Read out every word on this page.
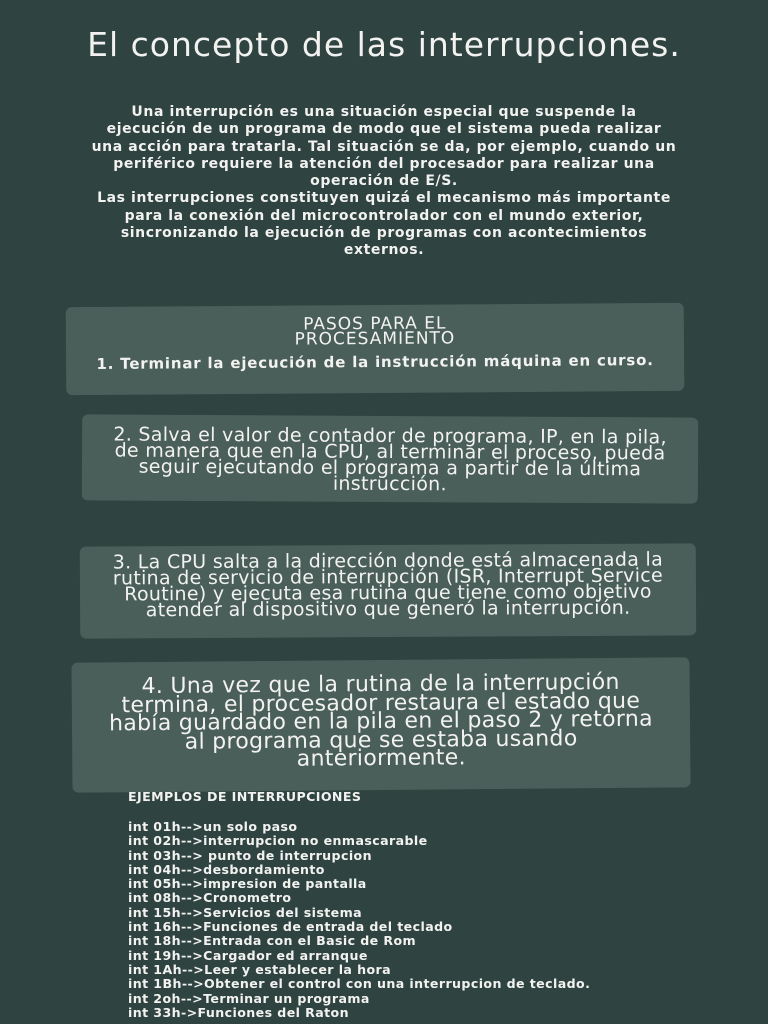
El concepto de las interrupciones.

Una interrupción es una situación especial que suspende la ejecución de un programa de modo que el sistema pueda realizar una acción para tratarla. Tal situación se da, por ejemplo, cuando un periférico requiere la atención del procesador para realizar una operación de E/S.

Las interrupciones constituyen quizá el mecanismo más importante para la conexión del microcontrolador con el mundo exterior, sincronizando la ejecución de programas con acontecimientos externos.

PASOS PARA EL PROCESAMIENTO
1. Terminar la ejecución de la instrucción máquina en curso.
2. Salva el valor de contador de programa, IP, en la pila, de manera que en la CPU, al terminar el proceso, pueda seguir ejecutando el programa a partir de la última instrucción.
3. La CPU salta a la dirección donde está almacenada la rutina de servicio de interrupción (ISR, Interrupt Service Routine) y ejecuta esa rutina que tiene como objetivo atender al dispositivo que generó la interrupción.
4. Una vez que la rutina de la interrupción termina, el procesador restaura el estado que había guardado en la pila en el paso 2 y retorna al programa que se estaba usando anteriormente.
EJEMPLOS DE INTERRUPCIONES
int 01h-->un solo paso
int 02h-->interrupcion no enmascarable
int 03h--> punto de interrupcion
int 04h-->desbordamiento
int 05h-->impresion de pantalla
int 08h-->Cronometro
int 15h-->Servicios del sistema
int 16h-->Funciones de entrada del teclado
int 18h-->Entrada con el Basic de Rom
int 19h-->Cargador ed arranque
int 1Ah-->Leer y establecer la hora
int 1Bh-->Obtener el control con una interrupcion de teclado.
int 2oh-->Terminar un programa
int 33h->Funciones del Raton
